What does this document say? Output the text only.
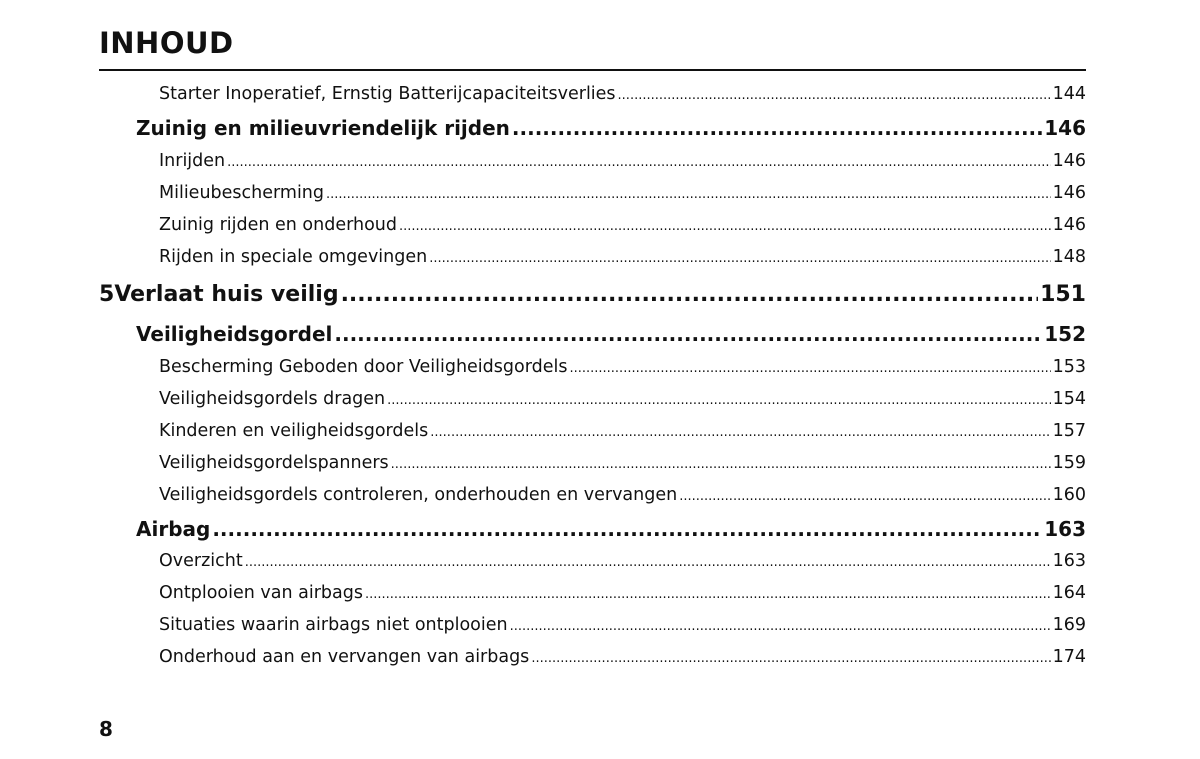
INHOUD
Starter Inoperatief, Ernstig Batterijcapaciteitsverlies .....	144
Zuinig en milieuvriendelijk rijden .....	146
Inrijden .....	146
Milieubescherming .....	146
Zuinig rijden en onderhoud .....	146
Rijden in speciale omgevingen .....	148
5 Verlaat huis veilig .....	151
Veiligheidsgordel .....	152
Bescherming Geboden door Veiligheidsgordels .....	153
Veiligheidsgordels dragen .....	154
Kinderen en veiligheidsgordels .....	157
Veiligheidsgordelspanners .....	159
Veiligheidsgordels controleren, onderhouden en vervangen .....	160
Airbag .....	163
Overzicht .....	163
Ontplooien van airbags .....	164
Situaties waarin airbags niet ontplooien .....	169
Onderhoud aan en vervangen van airbags .....	174
8
